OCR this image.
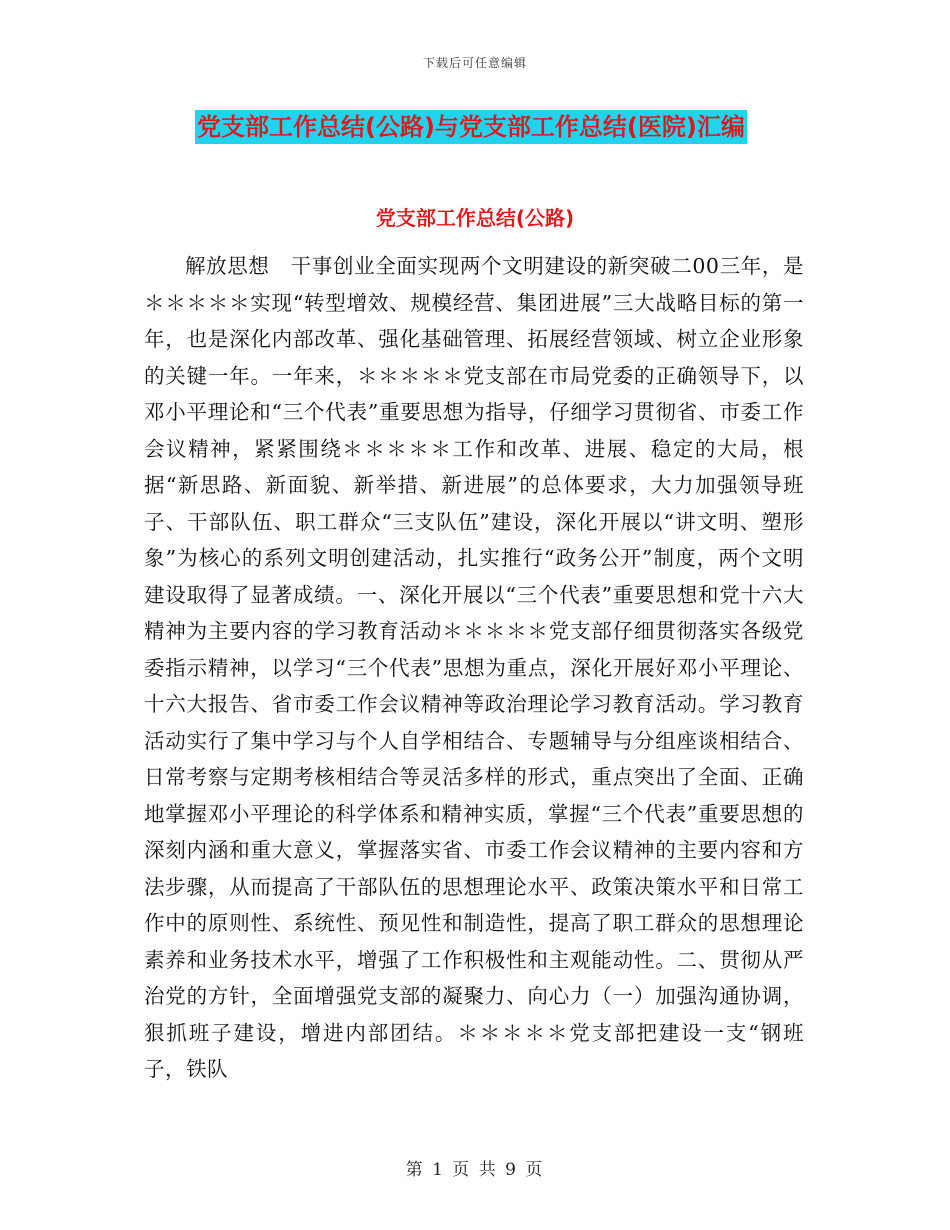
下载后可任意编辑
党支部工作总结(公路)与党支部工作总结(医院)汇编
党支部工作总结(公路)

解放思想　干事创业全面实现两个文明建设的新突破二00三年，是＊＊＊＊＊实现“转型增效、规模经营、集团进展”三大战略目标的第一年，也是深化内部改革、强化基础管理、拓展经营领域、树立企业形象的关键一年。一年来，＊＊＊＊＊党支部在市局党委的正确领导下，以邓小平理论和“三个代表”重要思想为指导，仔细学习贯彻省、市委工作会议精神，紧紧围绕＊＊＊＊＊工作和改革、进展、稳定的大局，根据“新思路、新面貌、新举措、新进展”的总体要求，大力加强领导班子、干部队伍、职工群众“三支队伍”建设，深化开展以“讲文明、塑形象”为核心的系列文明创建活动，扎实推行“政务公开”制度，两个文明建设取得了显著成绩。一、深化开展以“三个代表”重要思想和党十六大精神为主要内容的学习教育活动＊＊＊＊＊党支部仔细贯彻落实各级党委指示精神，以学习“三个代表”思想为重点，深化开展好邓小平理论、十六大报告、省市委工作会议精神等政治理论学习教育活动。学习教育活动实行了集中学习与个人自学相结合、专题辅导与分组座谈相结合、日常考察与定期考核相结合等灵活多样的形式，重点突出了全面、正确地掌握邓小平理论的科学体系和精神实质，掌握“三个代表”重要思想的深刻内涵和重大意义，掌握落实省、市委工作会议精神的主要内容和方法步骤，从而提高了干部队伍的思想理论水平、政策决策水平和日常工作中的原则性、系统性、预见性和制造性，提高了职工群众的思想理论素养和业务技术水平，增强了工作积极性和主观能动性。二、贯彻从严治党的方针，全面增强党支部的凝聚力、向心力（一）加强沟通协调，狠抓班子建设，增进内部团结。＊＊＊＊＊党支部把建设一支“钢班子，铁队

第 1 页 共 9 页
